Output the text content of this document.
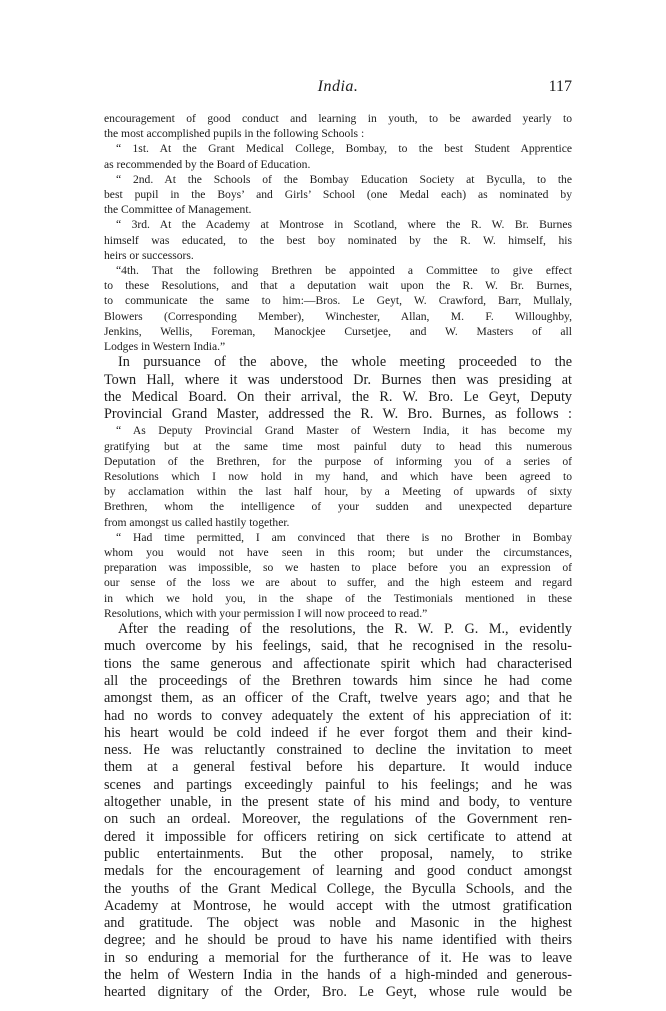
India.	117
encouragement of good conduct and learning in youth, to be awarded yearly to
the most accomplished pupils in the following Schools :
“ 1st. At the Grant Medical College, Bombay, to the best Student Apprentice
as recommended by the Board of Education.
“ 2nd. At the Schools of the Bombay Education Society at Byculla, to the
best pupil in the Boys’ and Girls’ School (one Medal each) as nominated by
the Committee of Management.
“ 3rd. At the Academy at Montrose in Scotland, where the R. W. Br. Burnes
himself was educated, to the best boy nominated by the R. W. himself, his
heirs or successors.
“4th. That the following Brethren be appointed a Committee to give effect
to these Resolutions, and that a deputation wait upon the R. W. Br. Burnes,
to communicate the same to him:—Bros. Le Geyt, W. Crawford, Barr, Mullaly,
Blowers (Corresponding Member), Winchester, Allan, M. F. Willoughby,
Jenkins, Wellis, Foreman, Manockjee Cursetjee, and W. Masters of all
Lodges in Western India.”
In pursuance of the above, the whole meeting proceeded to the
Town Hall, where it was understood Dr. Burnes then was presiding at
the Medical Board. On their arrival, the R. W. Bro. Le Geyt, Deputy
Provincial Grand Master, addressed the R. W. Bro. Burnes, as follows :
“ As Deputy Provincial Grand Master of Western India, it has become my
gratifying but at the same time most painful duty to head this numerous
Deputation of the Brethren, for the purpose of informing you of a series of
Resolutions which I now hold in my hand, and which have been agreed to
by acclamation within the last half hour, by a Meeting of upwards of sixty
Brethren, whom the intelligence of your sudden and unexpected departure
from amongst us called hastily together.
“ Had time permitted, I am convinced that there is no Brother in Bombay
whom you would not have seen in this room; but under the circumstances,
preparation was impossible, so we hasten to place before you an expression of
our sense of the loss we are about to suffer, and the high esteem and regard
in which we hold you, in the shape of the Testimonials mentioned in these
Resolutions, which with your permission I will now proceed to read.”
After the reading of the resolutions, the R. W. P. G. M., evidently
much overcome by his feelings, said, that he recognised in the resolu-
tions the same generous and affectionate spirit which had characterised
all the proceedings of the Brethren towards him since he had come
amongst them, as an officer of the Craft, twelve years ago; and that he
had no words to convey adequately the extent of his appreciation of it:
his heart would be cold indeed if he ever forgot them and their kind-
ness. He was reluctantly constrained to decline the invitation to meet
them at a general festival before his departure. It would induce
scenes and partings exceedingly painful to his feelings; and he was
altogether unable, in the present state of his mind and body, to venture
on such an ordeal. Moreover, the regulations of the Government ren-
dered it impossible for officers retiring on sick certificate to attend at
public entertainments. But the other proposal, namely, to strike
medals for the encouragement of learning and good conduct amongst
the youths of the Grant Medical College, the Byculla Schools, and the
Academy at Montrose, he would accept with the utmost gratification
and gratitude. The object was noble and Masonic in the highest
degree; and he should be proud to have his name identified with theirs
in so enduring a memorial for the furtherance of it. He was to leave
the helm of Western India in the hands of a high-minded and generous-
hearted dignitary of the Order, Bro. Le Geyt, whose rule would be
